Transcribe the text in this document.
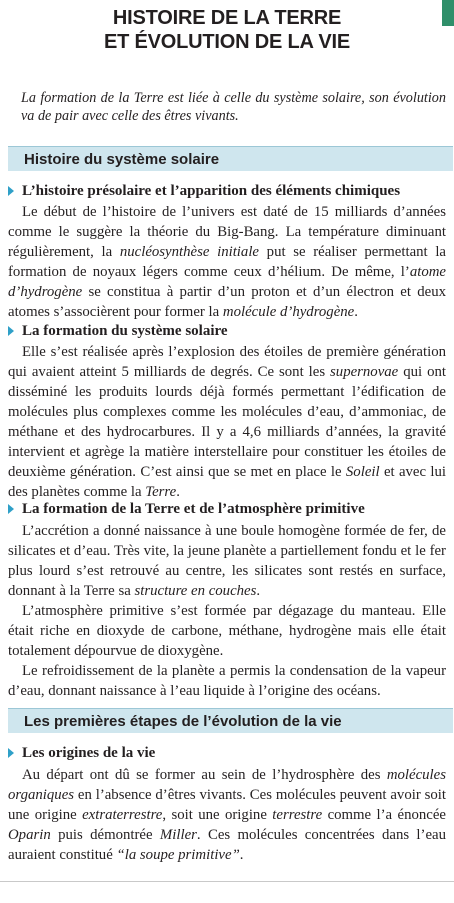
HISTOIRE DE LA TERRE
ET ÉVOLUTION DE LA VIE
La formation de la Terre est liée à celle du système solaire, son évolution va de pair avec celle des êtres vivants.
Histoire du système solaire
L’histoire présolaire et l’apparition des éléments chimiques

Le début de l’histoire de l’univers est daté de 15 milliards d’années comme le suggère la théorie du Big-Bang. La température diminuant régulièrement, la nucléosynthèse initiale put se réaliser permettant la formation de noyaux légers comme ceux d’hélium. De même, l’atome d’hydrogène se constitua à partir d’un proton et d’un électron et deux atomes s’associèrent pour former la molécule d’hydrogène.

La formation du système solaire

Elle s’est réalisée après l’explosion des étoiles de première génération qui avaient atteint 5 milliards de degrés. Ce sont les supernovae qui ont disséminé les produits lourds déjà formés permettant l’édification de molécules plus complexes comme les molécules d’eau, d’ammoniac, de méthane et des hydrocarbures. Il y a 4,6 milliards d’années, la gravité intervient et agrège la matière interstellaire pour constituer les étoiles de deuxième génération. C’est ainsi que se met en place le Soleil et avec lui des planètes comme la Terre.

La formation de la Terre et de l’atmosphère primitive

L’accrétion a donné naissance à une boule homogène formée de fer, de silicates et d’eau. Très vite, la jeune planète a partiellement fondu et le fer plus lourd s’est retrouvé au centre, les silicates sont restés en surface, donnant à la Terre sa structure en couches.

L’atmosphère primitive s’est formée par dégazage du manteau. Elle était riche en dioxyde de carbone, méthane, hydrogène mais elle était totalement dépourvue de dioxygène.

Le refroidissement de la planète a permis la condensation de la vapeur d’eau, donnant naissance à l’eau liquide à l’origine des océans.

Les premières étapes de l’évolution de la vie
Les origines de la vie

Au départ ont dû se former au sein de l’hydrosphère des molécules organiques en l’absence d’êtres vivants. Ces molécules peuvent avoir soit une origine extraterrestre, soit une origine terrestre comme l’a énoncée Oparin puis démontrée Miller. Ces molécules concentrées dans l’eau auraient constitué “la soupe primitive”.
